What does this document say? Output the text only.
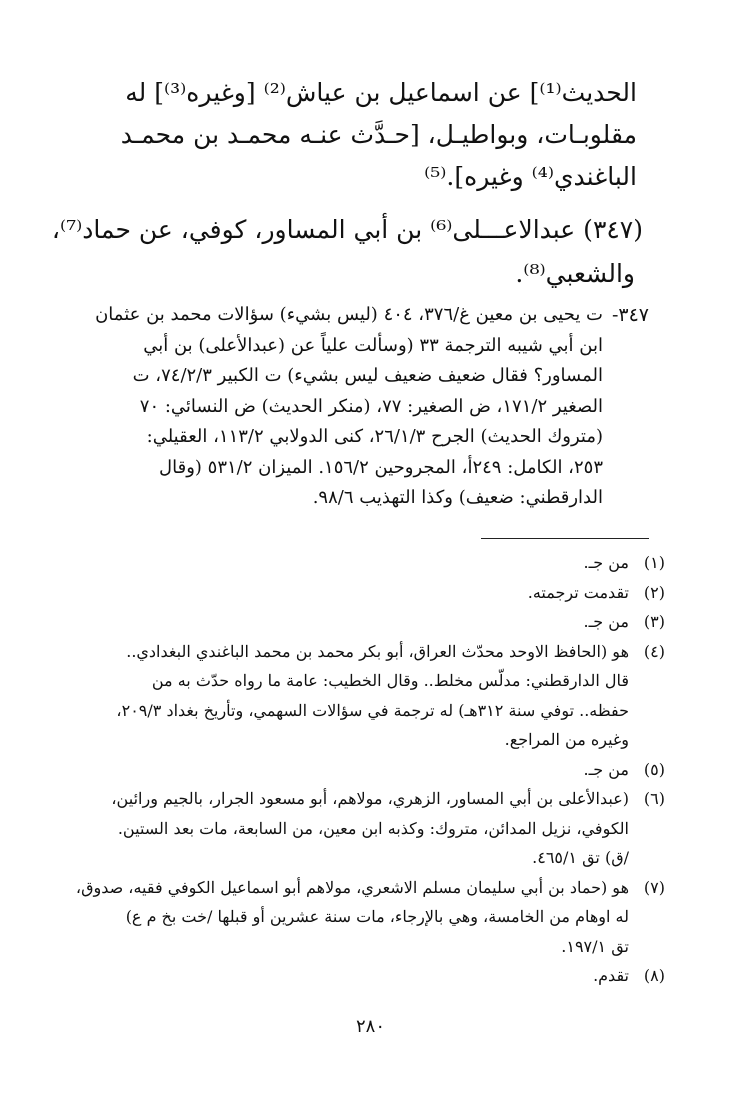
الحديث⁽¹⁾] عن اسماعيل بن عياش⁽²⁾ [وغيره⁽³⁾] له
مقلوبـات، وبواطيـل، [حـدَّث عنـه محمـد بن محمـد
الباغندي⁽⁴⁾ وغيره].⁽⁵⁾
(٣٤٧) عبدالاعـــلى⁽⁶⁾ بن أبي المساور، كوفي، عن حماد⁽⁷⁾،
والشعبي⁽⁸⁾.
٣٤٧-
ت يحيى بن معين غ/٣٧٦، ٤٠٤ (ليس بشيء) سؤالات محمد بن عثمان
ابن أبي شيبه الترجمة ٣٣ (وسألت علياً عن (عبدالأعلى) بن أبي
المساور؟ فقال ضعيف ضعيف ليس بشيء) ت الكبير ٧٤/٢/٣، ت
الصغير ١٧١/٢، ض الصغير: ٧٧، (منكر الحديث) ض النسائي: ٧٠
(متروك الحديث) الجرح ٢٦/١/٣، كنى الدولابي ١١٣/٢، العقيلي:
٢٥٣، الكامل: ٢٤٩أ، المجروحين ١٥٦/٢. الميزان ٥٣١/٢ (وقال
الدارقطني: ضعيف) وكذا التهذيب ٩٨/٦.
(١)
من جـ.
(٢)
تقدمت ترجمته.
(٣)
من جـ.
(٤)
هو (الحافظ الاوحد محدّث العراق، أبو بكر محمد بن محمد الباغندي البغدادي..
قال الدارقطني: مدلّس مخلط.. وقال الخطيب: عامة ما رواه حدّث به من
حفظه.. توفي سنة ٣١٢هـ) له ترجمة في سؤالات السهمي، وتأريخ بغداد ٢٠٩/٣،
وغيره من المراجع.
(٥)
من جـ.
(٦)
(عبدالأعلى بن أبي المساور، الزهري، مولاهم، أبو مسعود الجرار، بالجيم ورائين،
الكوفي، نزيل المدائن، متروك: وكذبه ابن معين، من السابعة، مات بعد الستين.
/ق) تق ٤٦٥/١.
(٧)
هو (حماد بن أبي سليمان مسلم الاشعري، مولاهم أبو اسماعيل الكوفي فقيه، صدوق،
له اوهام من الخامسة، وهي بالإرجاء، مات سنة عشرين أو قبلها /خت بخ م ع)
تق ١٩٧/١.
(٨)
تقدم.
٢٨٠
